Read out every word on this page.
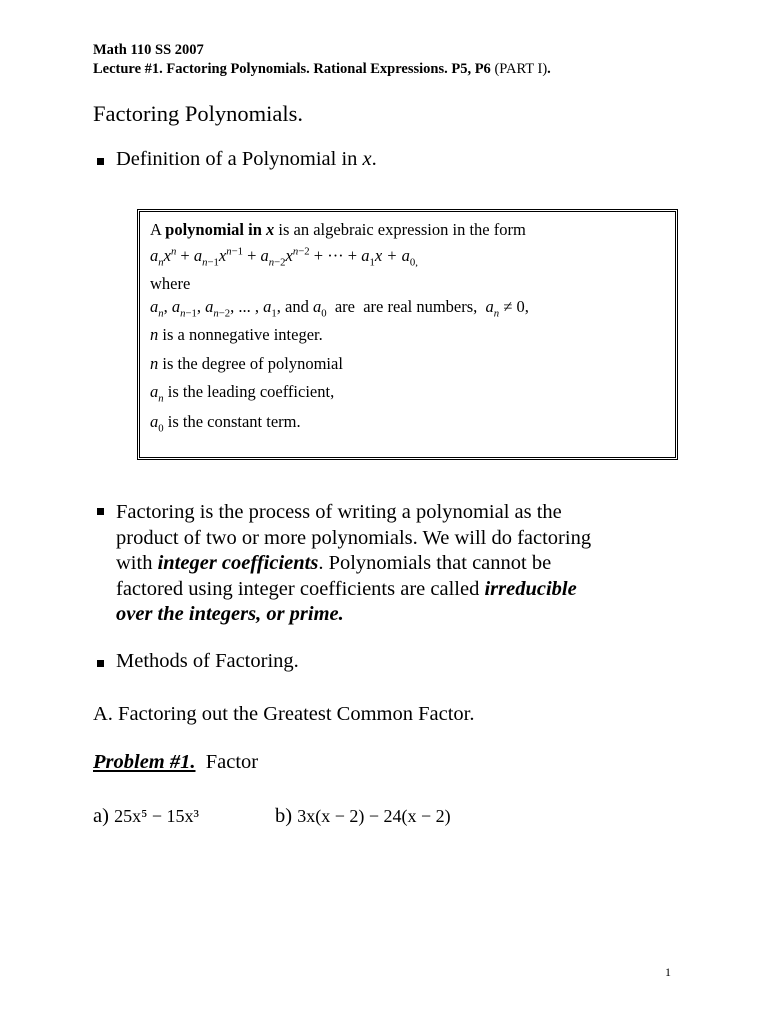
Math 110 SS 2007
Lecture #1. Factoring Polynomials. Rational Expressions. P5, P6 (PART I).
Factoring Polynomials.
Definition of a Polynomial in x.
A polynomial in x is an algebraic expression in the form
$a_nx^n + a_{n-1}x^{n-1} + a_{n-2}x^{n-2}$ + ··· + $a_1x + a_{0,}$
where
$a_n$, $a_{n-1}$, $a_{n-2}$, ... , $a_1$, and $a_0$  are  are real numbers,  $a_n \ne 0$,
n is a nonnegative integer.
n is the degree of polynomial
$a_n$ is the leading coefficient,
$a_0$ is the constant term.
Factoring is the process of writing a polynomial as the
product of two or more polynomials. We will do factoring
with integer coefficients. Polynomials that cannot be
factored using integer coefficients are called irreducible
over the integers, or prime.
Methods of Factoring.
A. Factoring out the Greatest Common Factor.
Problem #1. Factor
a) 25x⁵ − 15x³	b) 3x(x − 2) − 24(x − 2)
1
